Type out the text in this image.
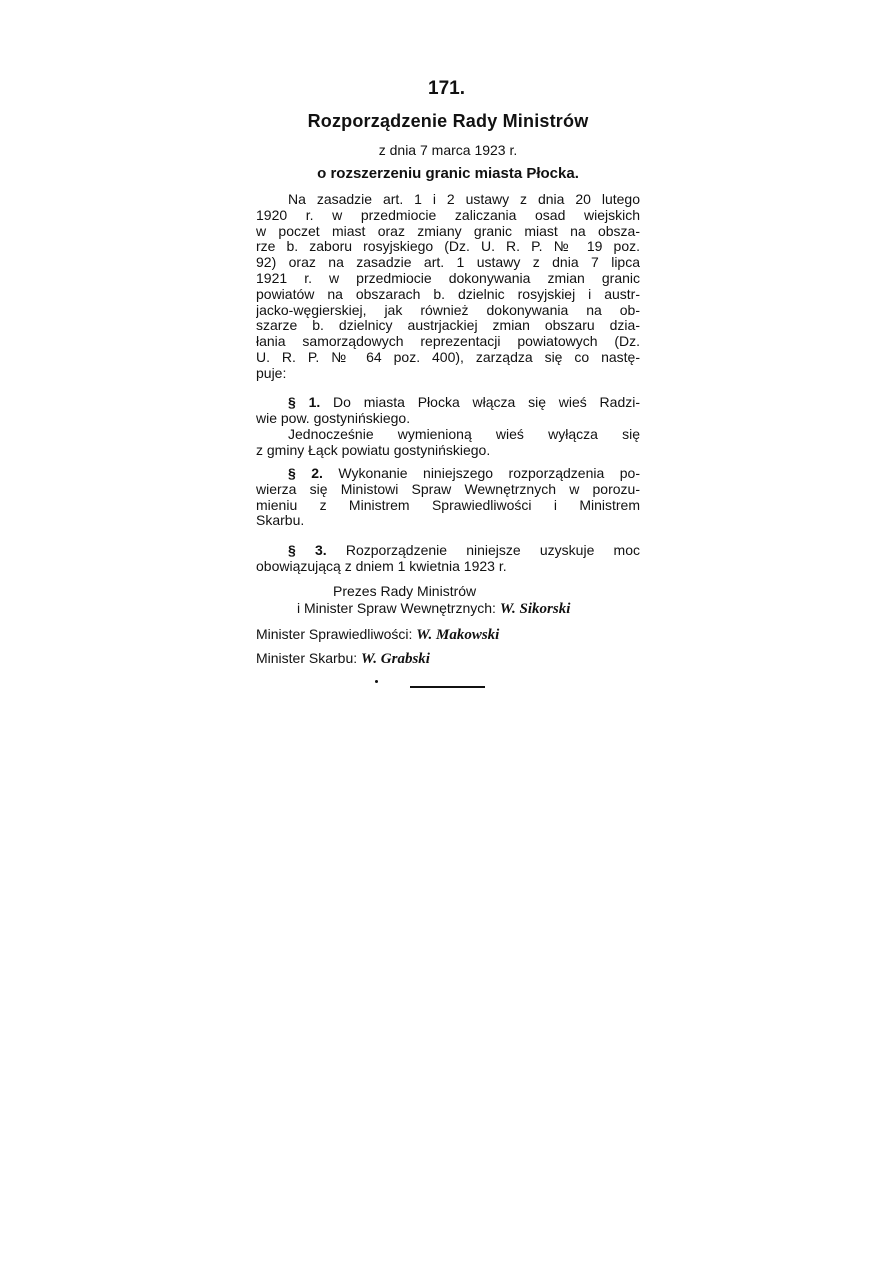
171.
Rozporządzenie Rady Ministrów
z dnia 7 marca 1923 r.
o rozszerzeniu granic miasta Płocka.
Na zasadzie art. 1 i 2 ustawy z dnia 20 lutego
1920 r. w przedmiocie zaliczania osad wiejskich
w poczet miast oraz zmiany granic miast na obsza-
rze b. zaboru rosyjskiego (Dz. U. R. P. № 19 poz.
92) oraz na zasadzie art. 1 ustawy z dnia 7 lipca
1921 r. w przedmiocie dokonywania zmian granic
powiatów na obszarach b. dzielnic rosyjskiej i austr-
jacko-węgierskiej, jak również dokonywania na ob-
szarze b. dzielnicy austrjackiej zmian obszaru dzia-
łania samorządowych reprezentacji powiatowych (Dz.
U. R. P. № 64 poz. 400), zarządza się co nastę-
puje:
§ 1. Do miasta Płocka włącza się wieś Radzi-
wie pow. gostynińskiego.
Jednocześnie wymienioną wieś wyłącza się
z gminy Łąck powiatu gostynińskiego.
§ 2. Wykonanie niniejszego rozporządzenia po-
wierza się Ministowi Spraw Wewnętrznych w porozu-
mieniu z Ministrem Sprawiedliwości i Ministrem
Skarbu.
§ 3. Rozporządzenie niniejsze uzyskuje moc
obowiązującą z dniem 1 kwietnia 1923 r.
Prezes Rady Ministrów
i Minister Spraw Wewnętrznych: W. Sikorski
Minister Sprawiedliwości: W. Makowski
Minister Skarbu: W. Grabski
